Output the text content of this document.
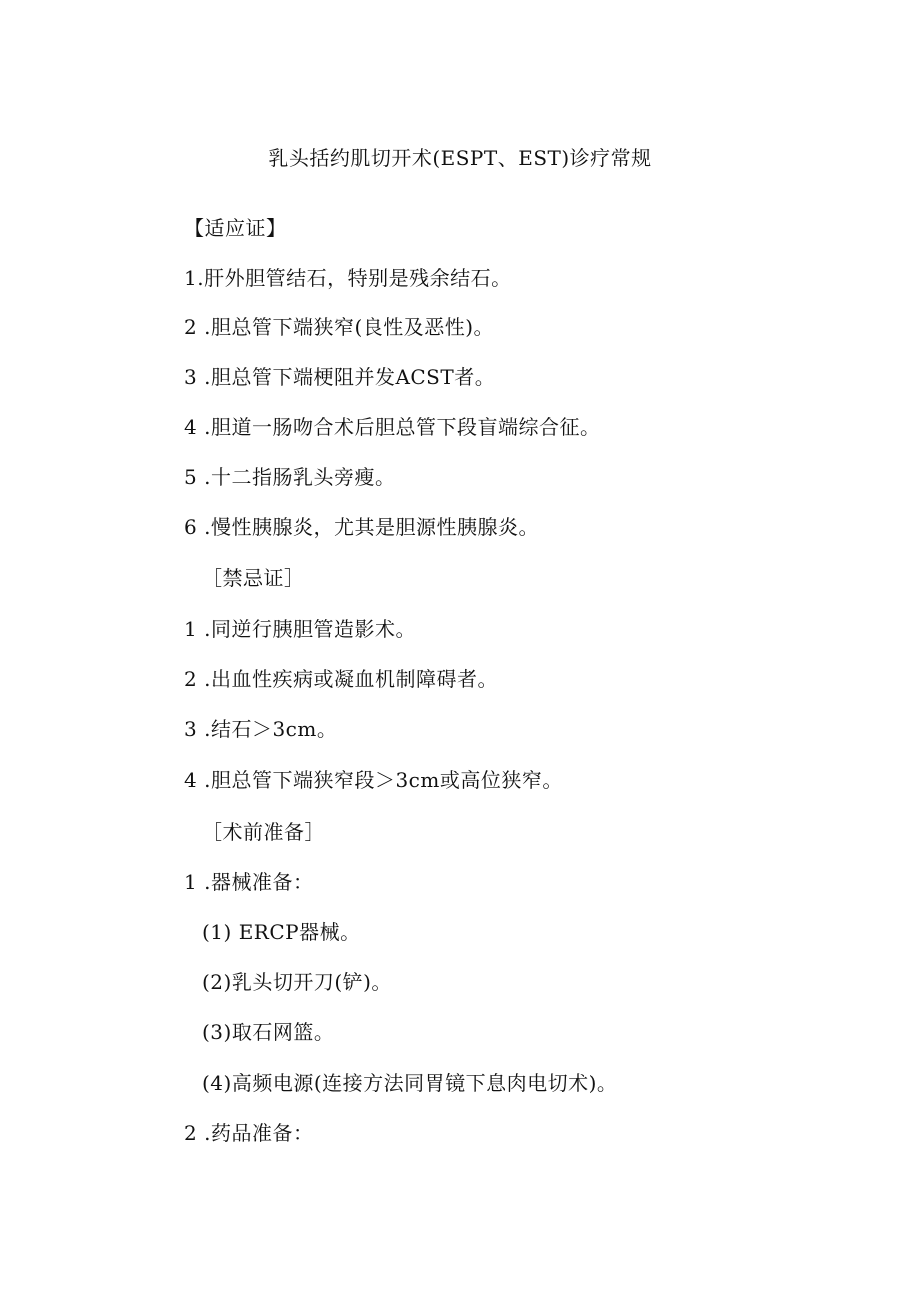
乳头括约肌切开术(ESPT、EST)诊疗常规
【适应证】
1.肝外胆管结石，特别是残余结石。
2 .胆总管下端狭窄(良性及恶性)。
3 .胆总管下端梗阻并发ACST者。
4 .胆道一肠吻合术后胆总管下段盲端综合征。
5 .十二指肠乳头旁瘦。
6 .慢性胰腺炎，尤其是胆源性胰腺炎。
［禁忌证］
1 .同逆行胰胆管造影术。
2 .出血性疾病或凝血机制障碍者。
3 .结石＞3cm。
4 .胆总管下端狭窄段＞3cm或高位狭窄。
［术前准备］
1 .器械准备：
(1) ERCP器械。
(2)乳头切开刀(铲)。
(3)取石网篮。
(4)高频电源(连接方法同胃镜下息肉电切术)。
2 .药品准备：
